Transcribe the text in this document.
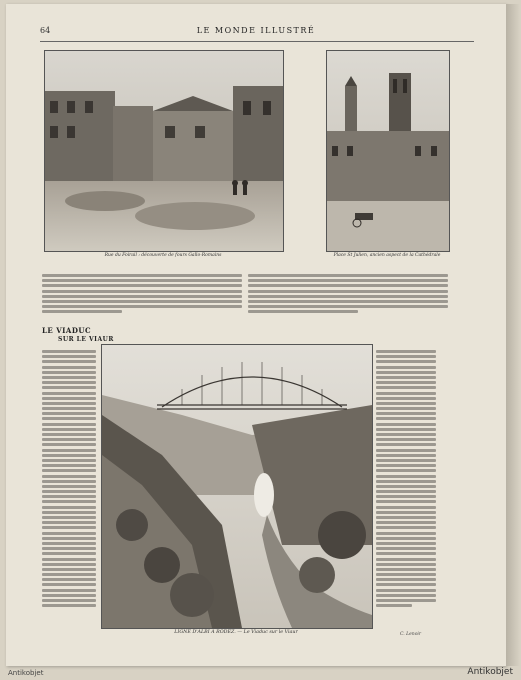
LE MONDE ILLUSTRÉ
64
Rue du Foirail : découverte de fours Gallo-Romains	Place St Julien, ancien aspect de la Cathédrale
LE VIADUC
SUR LE VIAUR
LIGNE D'ALBI A RODEZ. — Le Viaduc sur le Viaur	C. Lenoir
Antikobjet	Antikobjet
